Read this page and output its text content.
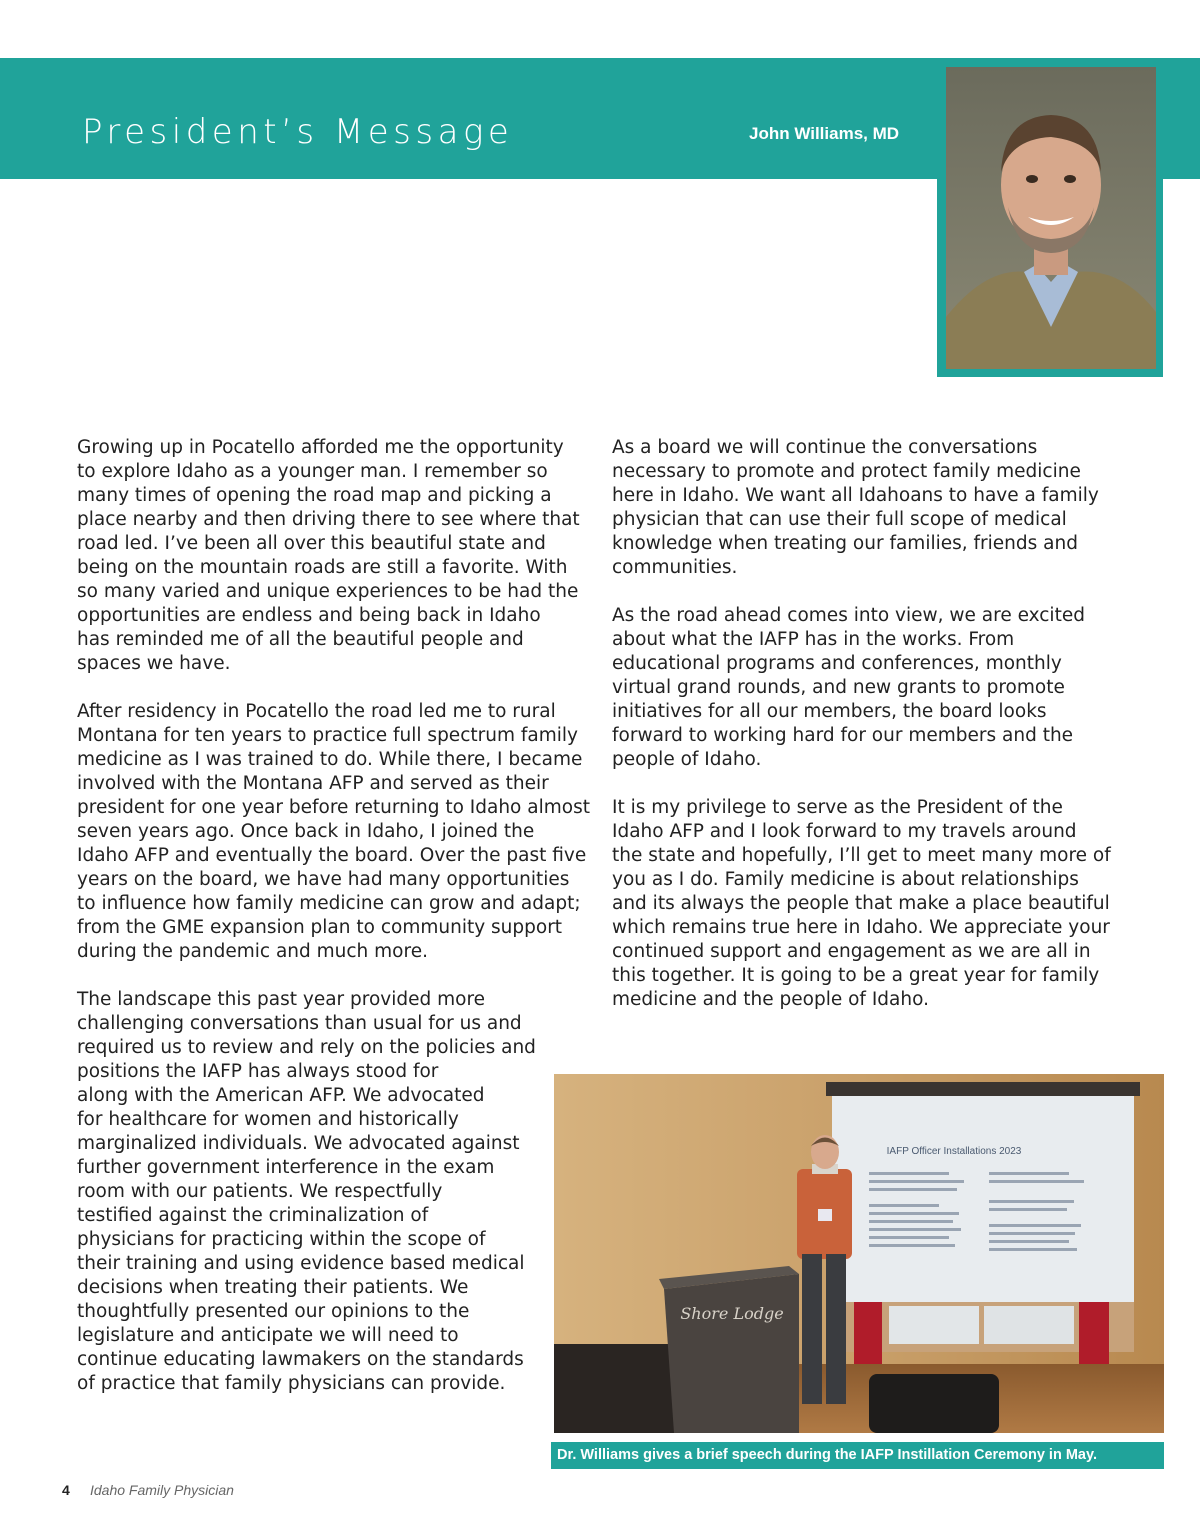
President’s Message	John Williams, MD

Growing up in Pocatello afforded me the opportunity
to explore Idaho as a younger man. I remember so
many times of opening the road map and picking a
place nearby and then driving there to see where that
road led. I’ve been all over this beautiful state and
being on the mountain roads are still a favorite. With
so many varied and unique experiences to be had the
opportunities are endless and being back in Idaho
has reminded me of all the beautiful people and
spaces we have.

After residency in Pocatello the road led me to rural
Montana for ten years to practice full spectrum family
medicine as I was trained to do. While there, I became
involved with the Montana AFP and served as their
president for one year before returning to Idaho almost
seven years ago. Once back in Idaho, I joined the
Idaho AFP and eventually the board. Over the past five
years on the board, we have had many opportunities
to influence how family medicine can grow and adapt;
from the GME expansion plan to community support
during the pandemic and much more.

The landscape this past year provided more
challenging conversations than usual for us and
required us to review and rely on the policies and
positions the IAFP has always stood for
along with the American AFP. We advocated
for healthcare for women and historically
marginalized individuals. We advocated against
further government interference in the exam
room with our patients. We respectfully
testified against the criminalization of
physicians for practicing within the scope of
their training and using evidence based medical
decisions when treating their patients. We
thoughtfully presented our opinions to the
legislature and anticipate we will need to
continue educating lawmakers on the standards
of practice that family physicians can provide.

As a board we will continue the conversations
necessary to promote and protect family medicine
here in Idaho. We want all Idahoans to have a family
physician that can use their full scope of medical
knowledge when treating our families, friends and
communities.

As the road ahead comes into view, we are excited
about what the IAFP has in the works. From
educational programs and conferences, monthly
virtual grand rounds, and new grants to promote
initiatives for all our members, the board looks
forward to working hard for our members and the
people of Idaho.

It is my privilege to serve as the President of the
Idaho AFP and I look forward to my travels around
the state and hopefully, I’ll get to meet many more of
you as I do. Family medicine is about relationships
and its always the people that make a place beautiful
which remains true here in Idaho. We appreciate your
continued support and engagement as we are all in
this together. It is going to be a great year for family
medicine and the people of Idaho.

IAFP Officer Installations 2023
Shore Lodge
Dr. Williams gives a brief speech during the IAFP Instillation Ceremony in May.
4 Idaho Family Physician
